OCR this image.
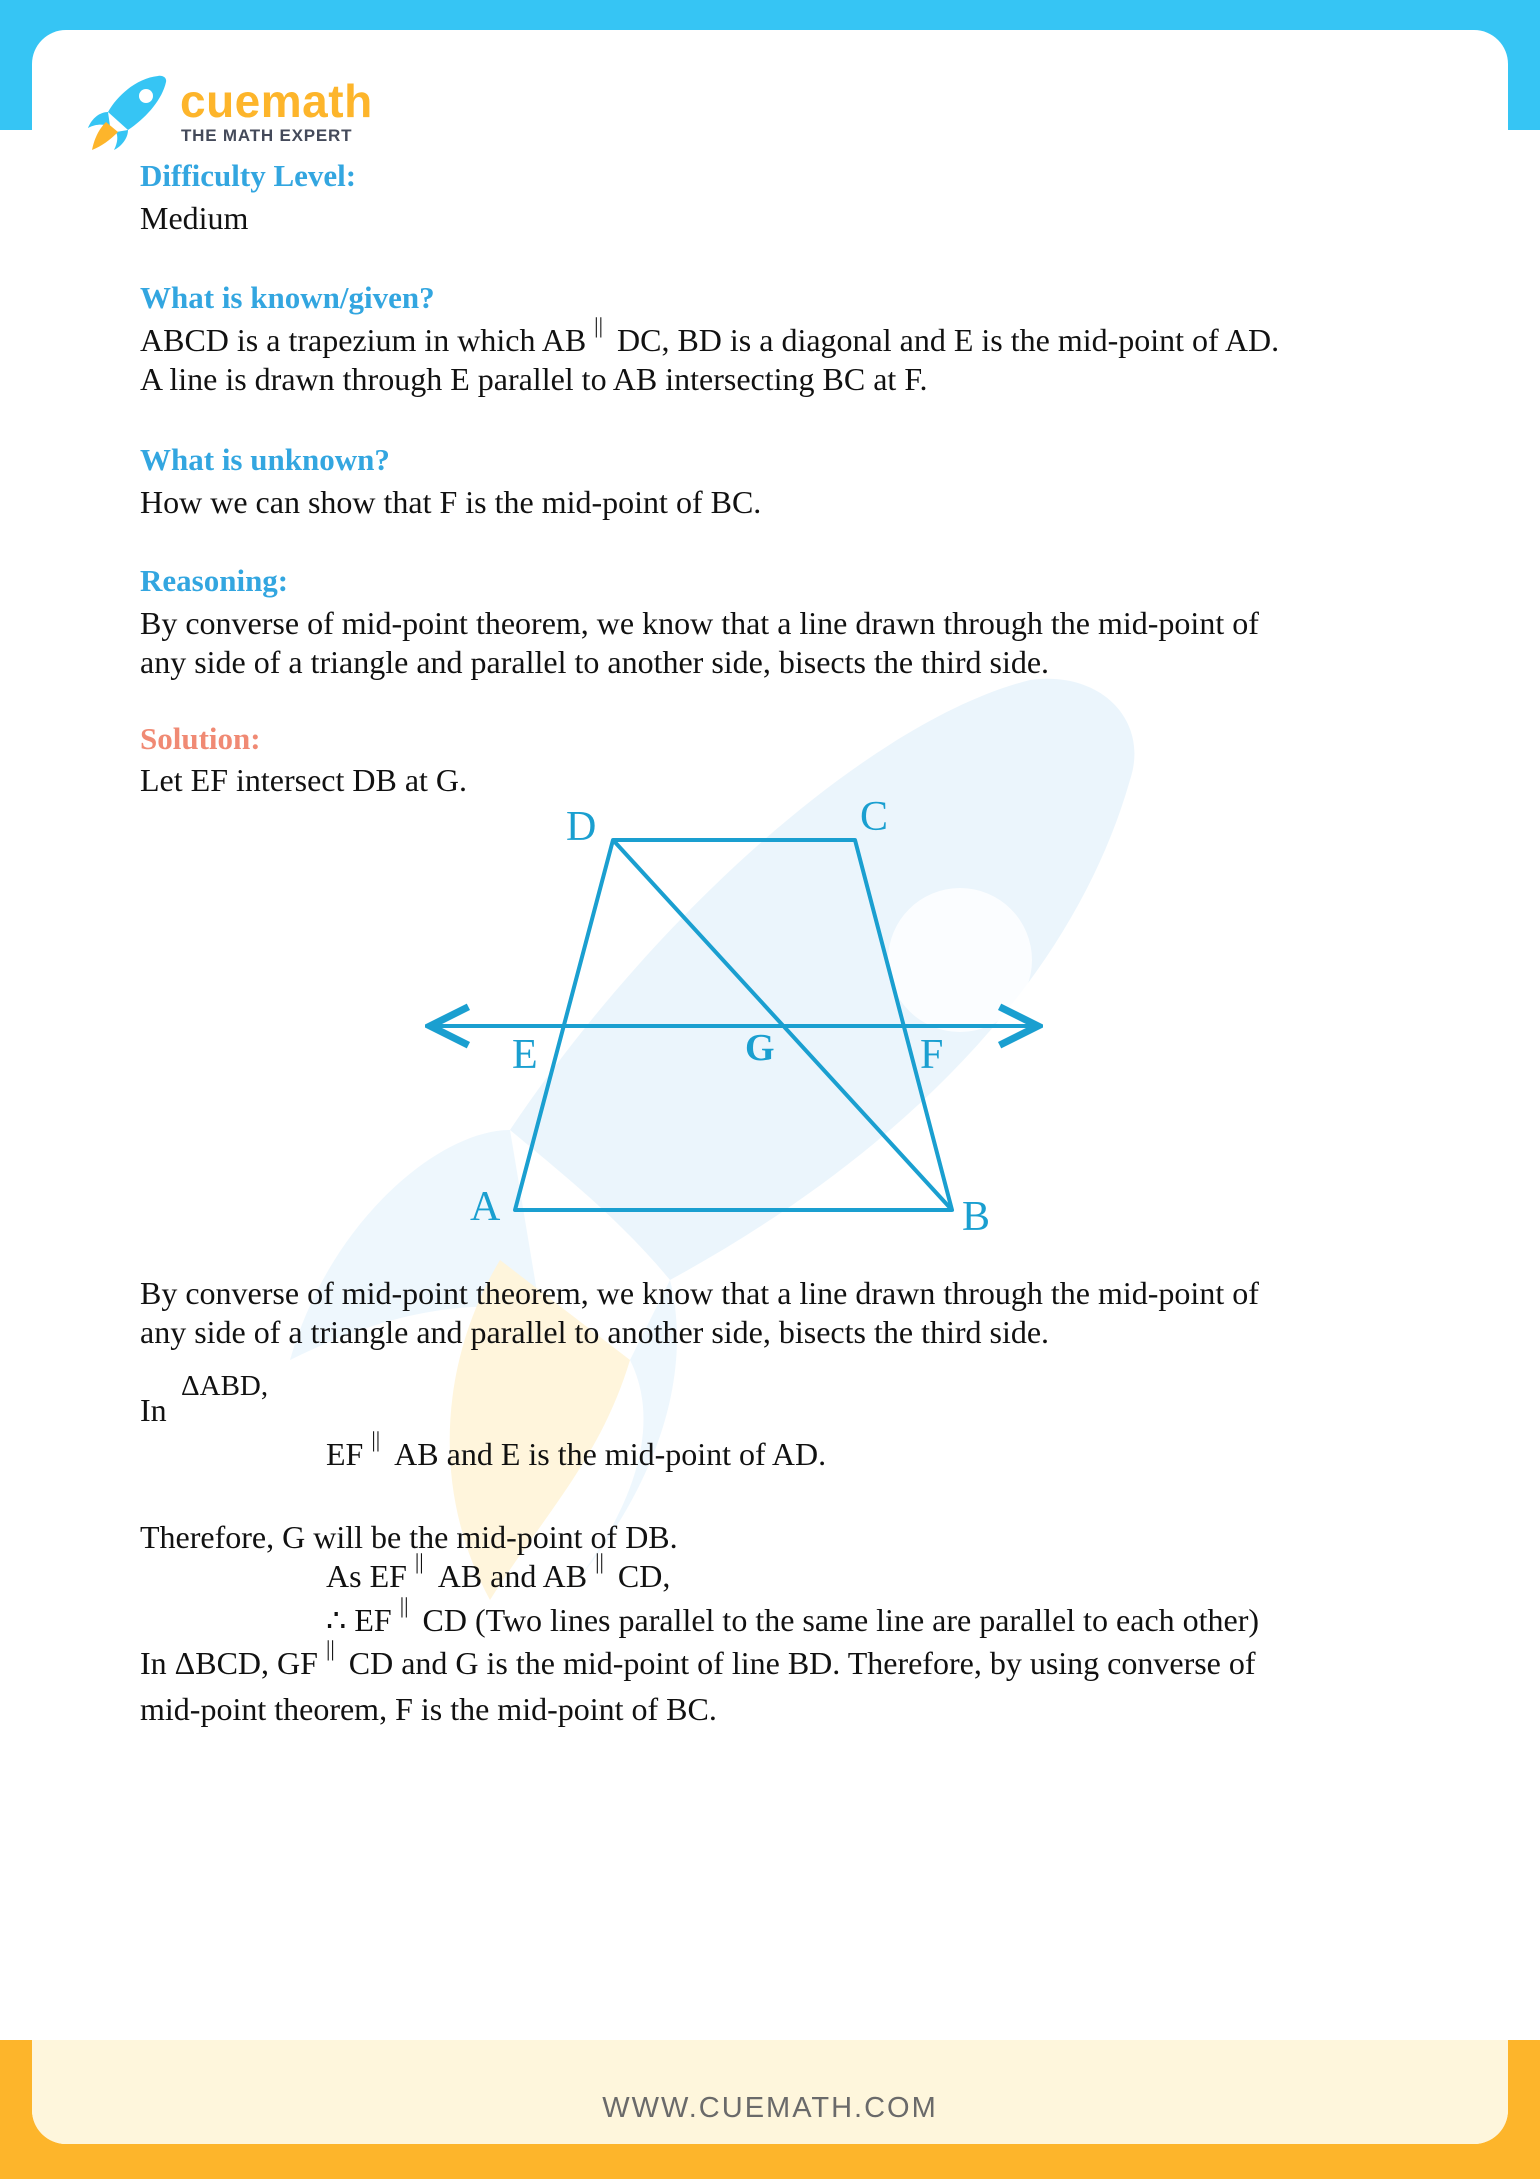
cuemath
THE MATH EXPERT
Difficulty Level:
Medium
What is known/given?
ABCD is a trapezium in which AB || DC, BD is a diagonal and E is the mid-point of AD.
A line is drawn through E parallel to AB intersecting BC at F.
What is unknown?
How we can show that F is the mid-point of BC.
Reasoning:
By converse of mid-point theorem, we know that a line drawn through the mid-point of
any side of a triangle and parallel to another side, bisects the third side.
Solution:
Let EF intersect DB at G.
D	C
E	G	F
A	B
By converse of mid-point theorem, we know that a line drawn through the mid-point of
any side of a triangle and parallel to another side, bisects the third side.
In
ΔABD,
EF || AB and E is the mid-point of AD.
Therefore, G will be the mid-point of DB.
As EF || AB and AB || CD,
∴ EF || CD (Two lines parallel to the same line are parallel to each other)
In ΔBCD, GF || CD and G is the mid-point of line BD. Therefore, by using converse of
mid-point theorem, F is the mid-point of BC.
WWW.CUEMATH.COM
